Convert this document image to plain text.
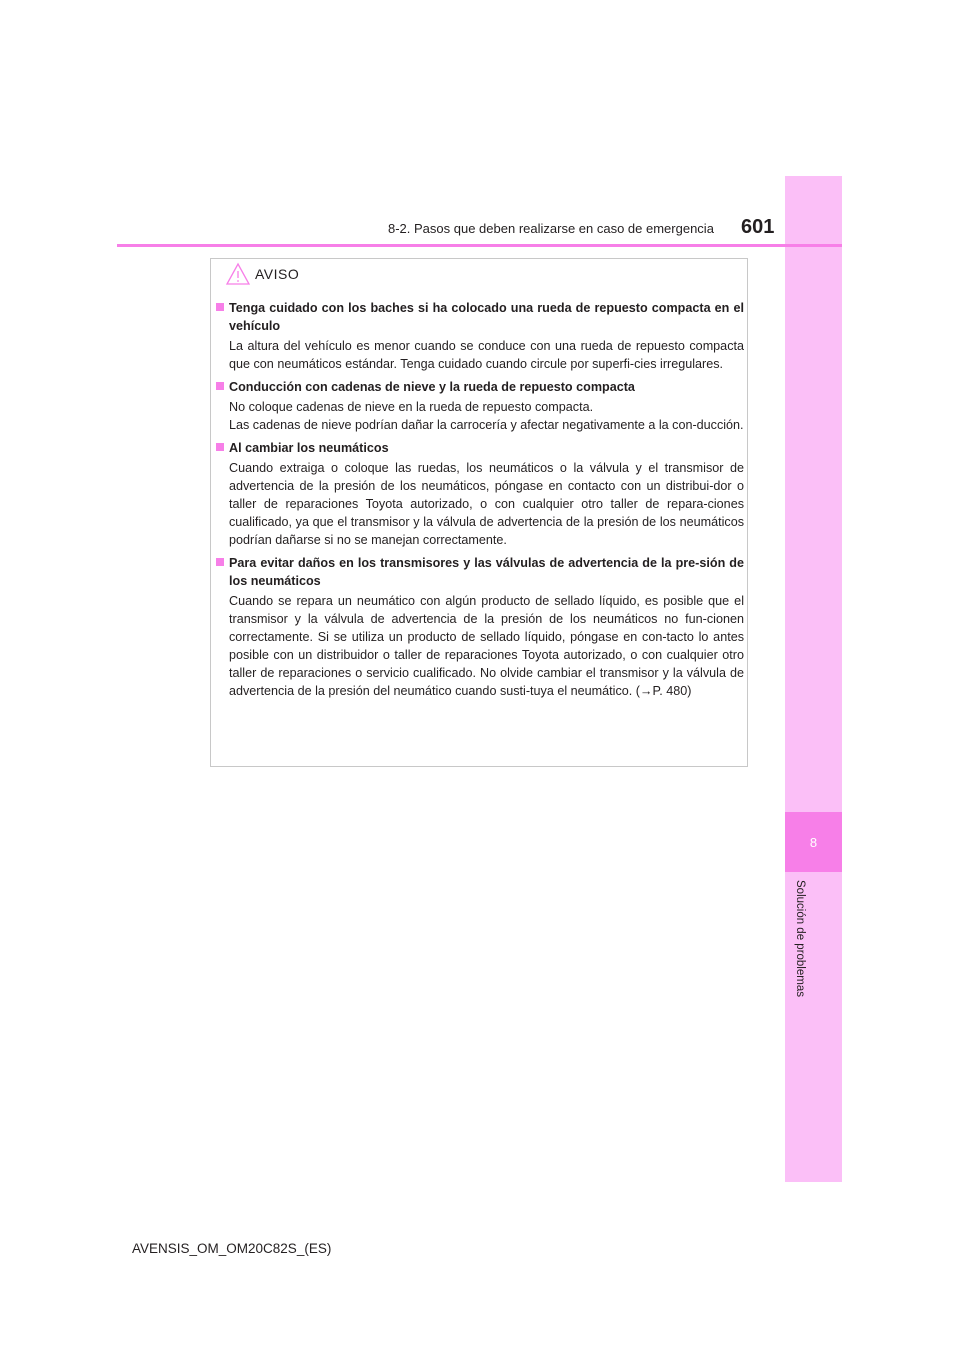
8
Solución de problemas
8-2. Pasos que deben realizarse en caso de emergencia 601
AVISO
Tenga cuidado con los baches si ha colocado una rueda de repuesto compacta en el vehículo
La altura del vehículo es menor cuando se conduce con una rueda de repuesto compacta que con neumáticos estándar. Tenga cuidado cuando circule por superfi-cies irregulares.
Conducción con cadenas de nieve y la rueda de repuesto compacta
No coloque cadenas de nieve en la rueda de repuesto compacta.
Las cadenas de nieve podrían dañar la carrocería y afectar negativamente a la con-ducción.
Al cambiar los neumáticos
Cuando extraiga o coloque las ruedas, los neumáticos o la válvula y el transmisor de advertencia de la presión de los neumáticos, póngase en contacto con un distribui-dor o taller de reparaciones Toyota autorizado, o con cualquier otro taller de repara-ciones cualificado, ya que el transmisor y la válvula de advertencia de la presión de los neumáticos podrían dañarse si no se manejan correctamente.
Para evitar daños en los transmisores y las válvulas de advertencia de la pre-sión de los neumáticos
Cuando se repara un neumático con algún producto de sellado líquido, es posible que el transmisor y la válvula de advertencia de la presión de los neumáticos no fun-cionen correctamente. Si se utiliza un producto de sellado líquido, póngase en con-tacto lo antes posible con un distribuidor o taller de reparaciones Toyota autorizado, o con cualquier otro taller de reparaciones o servicio cualificado. No olvide cambiar el transmisor y la válvula de advertencia de la presión del neumático cuando susti-tuya el neumático. (→P. 480)
AVENSIS_OM_OM20C82S_(ES)
